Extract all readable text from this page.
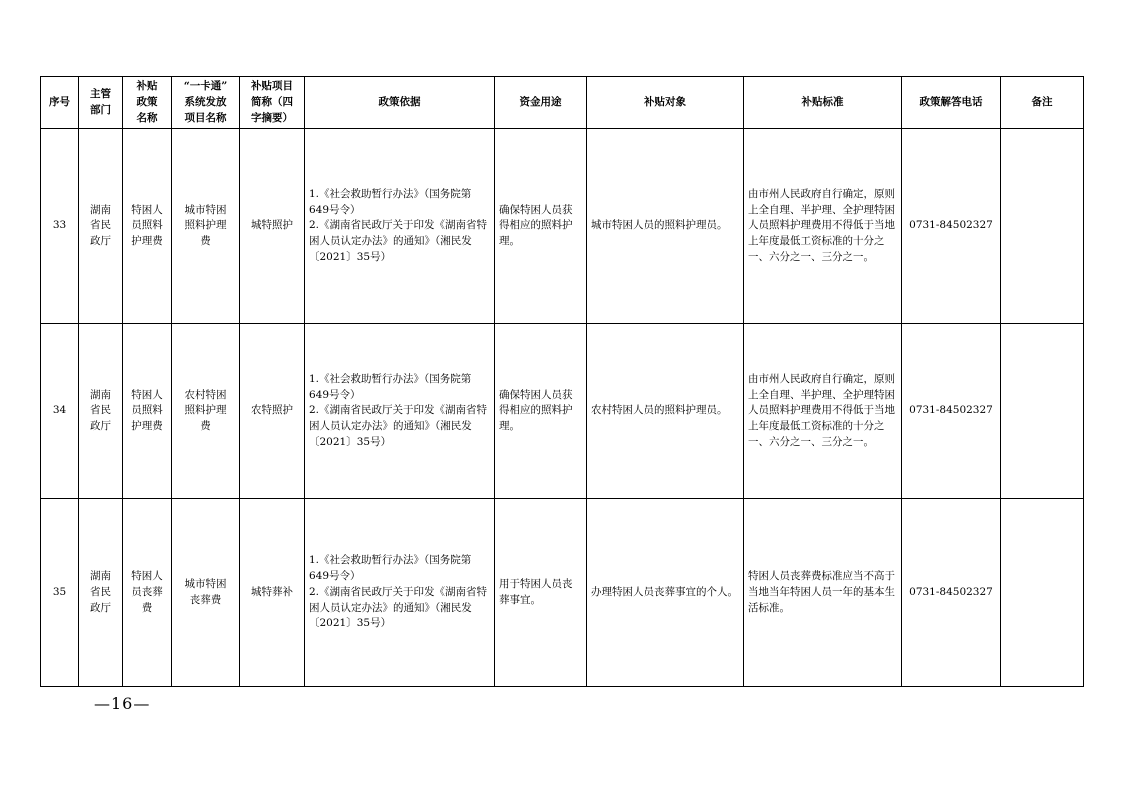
序号	主管
部门	补贴
政策
名称	“一卡通”
系统发放
项目名称	补贴项目
简称（四
字摘要）	政策依据	资金用途	补贴对象	补贴标准	政策解答电话	备注
33	湖南
省民
政厅	特困人
员照料
护理费	城市特困
照料护理
费	城特照护	1.《社会救助暂行办法》（国务院第649号令）
2.《湖南省民政厅关于印发《湖南省特困人员认定办法》的通知》（湘民发〔2021〕35号）	确保特困人员获得相应的照料护理。	城市特困人员的照料护理员。	由市州人民政府自行确定，原则上全自理、半护理、全护理特困人员照料护理费用不得低于当地上年度最低工资标准的十分之一、六分之一、三分之一。	0731-84502327	
34	湖南
省民
政厅	特困人
员照料
护理费	农村特困
照料护理
费	农特照护	1.《社会救助暂行办法》（国务院第649号令）
2.《湖南省民政厅关于印发《湖南省特困人员认定办法》的通知》（湘民发〔2021〕35号）	确保特困人员获得相应的照料护理。	农村特困人员的照料护理员。	由市州人民政府自行确定，原则上全自理、半护理、全护理特困人员照料护理费用不得低于当地上年度最低工资标准的十分之一、六分之一、三分之一。	0731-84502327	
35	湖南
省民
政厅	特困人
员丧葬
费	城市特困
丧葬费	城特葬补	1.《社会救助暂行办法》（国务院第649号令）
2.《湖南省民政厅关于印发《湖南省特困人员认定办法》的通知》（湘民发〔2021〕35号）	用于特困人员丧葬事宜。	办理特困人员丧葬事宜的个人。	特困人员丧葬费标准应当不高于当地当年特困人员一年的基本生活标准。	0731-84502327	
—16—
